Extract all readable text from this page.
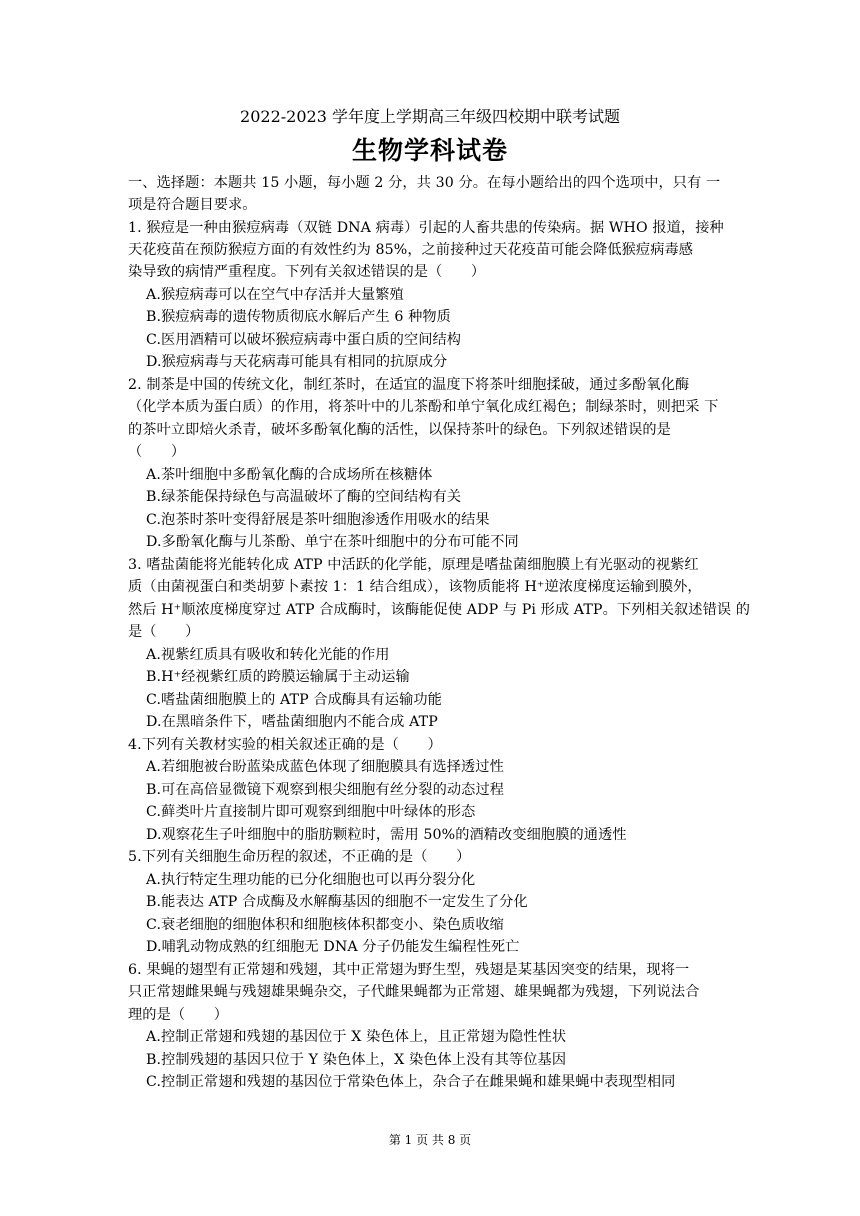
2022-2023 学年度上学期高三年级四校期中联考试题
生物学科试卷
一、选择题：本题共 15 小题，每小题 2 分，共 30 分。在每小题给出的四个选项中，只有 一
项是符合题目要求。
1. 猴痘是一种由猴痘病毒（双链 DNA 病毒）引起的人畜共患的传染病。据 WHO 报道，接种
天花疫苗在预防猴痘方面的有效性约为 85%，之前接种过天花疫苗可能会降低猴痘病毒感
染导致的病情严重程度。下列有关叙述错误的是（　　）
A.猴痘病毒可以在空气中存活并大量繁殖
B.猴痘病毒的遗传物质彻底水解后产生 6 种物质
C.医用酒精可以破坏猴痘病毒中蛋白质的空间结构
D.猴痘病毒与天花病毒可能具有相同的抗原成分
2. 制茶是中国的传统文化，制红茶时，在适宜的温度下将茶叶细胞揉破，通过多酚氧化酶
（化学本质为蛋白质）的作用，将茶叶中的儿茶酚和单宁氧化成红褐色；制绿茶时，则把采 下
的茶叶立即焙火杀青，破坏多酚氧化酶的活性，以保持茶叶的绿色。下列叙述错误的是
（　　）
A.茶叶细胞中多酚氧化酶的合成场所在核糖体
B.绿茶能保持绿色与高温破坏了酶的空间结构有关
C.泡茶时茶叶变得舒展是茶叶细胞渗透作用吸水的结果
D.多酚氧化酶与儿茶酚、单宁在茶叶细胞中的分布可能不同
3. 嗜盐菌能将光能转化成 ATP 中活跃的化学能，原理是嗜盐菌细胞膜上有光驱动的视紫红
质（由菌视蛋白和类胡萝卜素按 1：1 结合组成），该物质能将 H⁺逆浓度梯度运输到膜外，
然后 H⁺顺浓度梯度穿过 ATP 合成酶时，该酶能促使 ADP 与 Pi 形成 ATP。下列相关叙述错误 的
是（　　）
A.视紫红质具有吸收和转化光能的作用
B.H⁺经视紫红质的跨膜运输属于主动运输
C.嗜盐菌细胞膜上的 ATP 合成酶具有运输功能
D.在黑暗条件下，嗜盐菌细胞内不能合成 ATP
4.下列有关教材实验的相关叙述正确的是（　　）
A.若细胞被台盼蓝染成蓝色体现了细胞膜具有选择透过性
B.可在高倍显微镜下观察到根尖细胞有丝分裂的动态过程
C.藓类叶片直接制片即可观察到细胞中叶绿体的形态
D.观察花生子叶细胞中的脂肪颗粒时，需用 50%的酒精改变细胞膜的通透性
5.下列有关细胞生命历程的叙述，不正确的是（　　）
A.执行特定生理功能的已分化细胞也可以再分裂分化
B.能表达 ATP 合成酶及水解酶基因的细胞不一定发生了分化
C.衰老细胞的细胞体积和细胞核体积都变小、染色质收缩
D.哺乳动物成熟的红细胞无 DNA 分子仍能发生编程性死亡
6. 果蝇的翅型有正常翅和残翅，其中正常翅为野生型，残翅是某基因突变的结果，现将一
只正常翅雌果蝇与残翅雄果蝇杂交，子代雌果蝇都为正常翅、雄果蝇都为残翅，下列说法合
理的是（　　）
A.控制正常翅和残翅的基因位于 X 染色体上，且正常翅为隐性性状
B.控制残翅的基因只位于 Y 染色体上，X 染色体上没有其等位基因
C.控制正常翅和残翅的基因位于常染色体上，杂合子在雌果蝇和雄果蝇中表现型相同
第 1 页 共 8 页
